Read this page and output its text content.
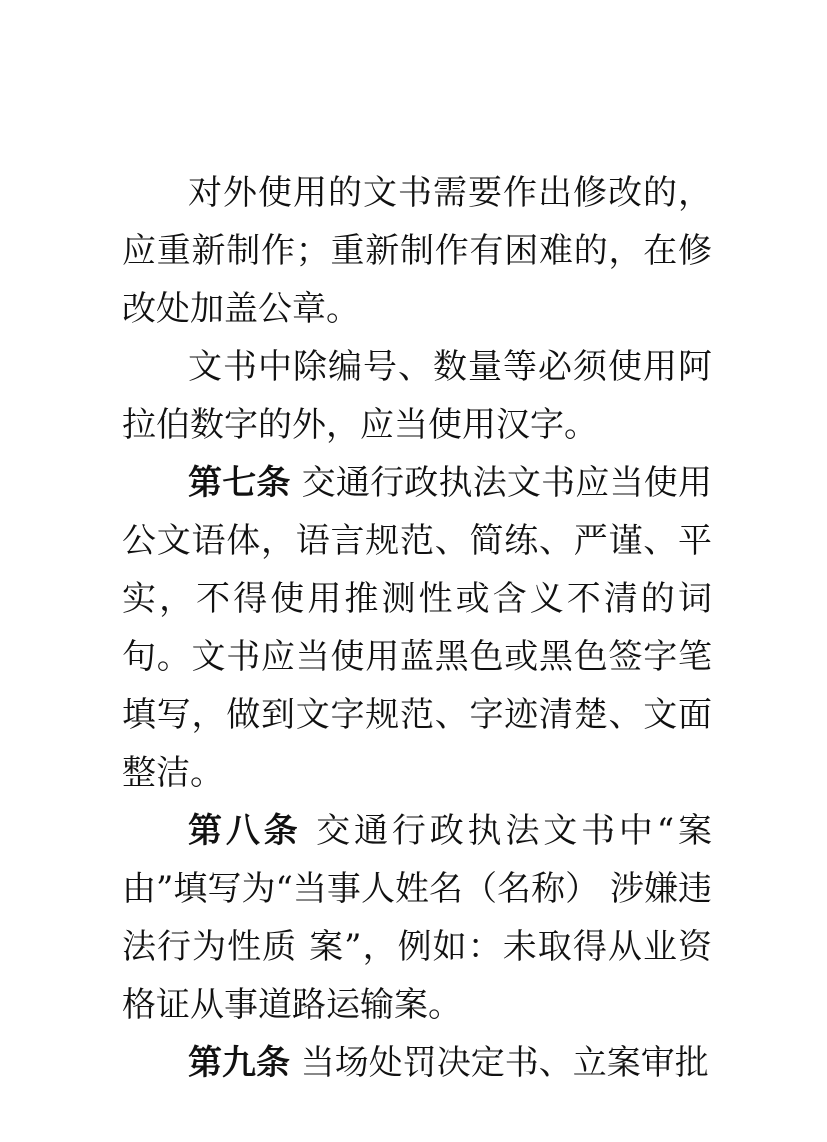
对外使用的文书需要作出修改的，应重新制作；重新制作有困难的，在修改处加盖公章。

文书中除编号、数量等必须使用阿拉伯数字的外，应当使用汉字。

第七条 交通行政执法文书应当使用公文语体，语言规范、简练、严谨、平实，不得使用推测性或含义不清的词句。文书应当使用蓝黑色或黑色签字笔填写，做到文字规范、字迹清楚、文面整洁。

第八条 交通行政执法文书中“案由”填写为“当事人姓名（名称） 涉嫌违法行为性质 案”，例如：未取得从业资格证从事道路运输案。

第九条 当场处罚决定书、立案审批
